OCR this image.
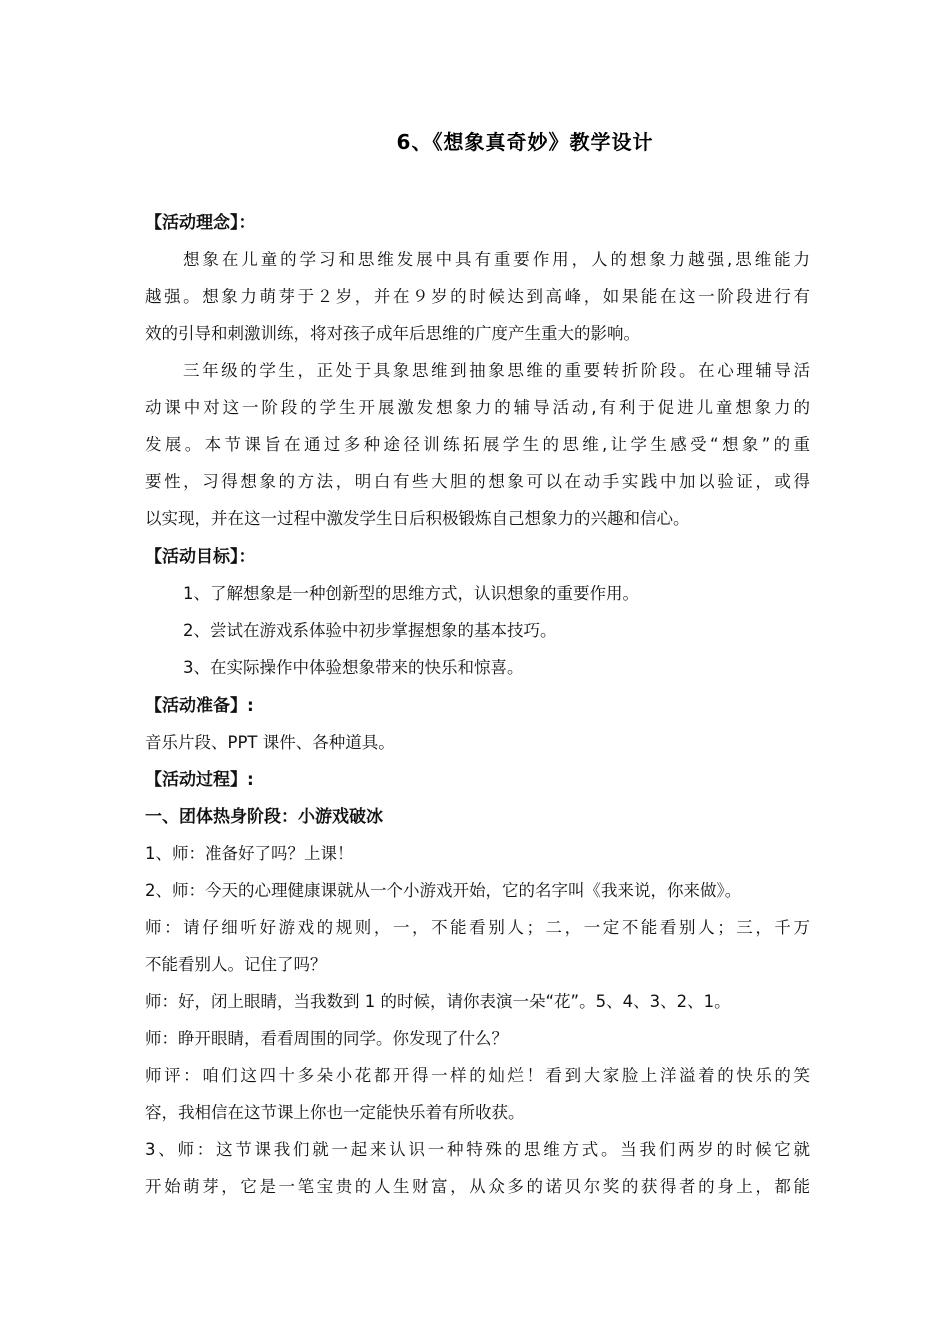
6、《想象真奇妙》教学设计
【活动理念】：
想象在儿童的学习和思维发展中具有重要作用，人的想象力越强,思维能力
越强。想象力萌芽于２岁，并在９岁的时候达到高峰，如果能在这一阶段进行有
效的引导和刺激训练，将对孩子成年后思维的广度产生重大的影响。
三年级的学生，正处于具象思维到抽象思维的重要转折阶段。在心理辅导活
动课中对这一阶段的学生开展激发想象力的辅导活动,有利于促进儿童想象力的
发展。本节课旨在通过多种途径训练拓展学生的思维,让学生感受“想象”的重
要性，习得想象的方法，明白有些大胆的想象可以在动手实践中加以验证，或得
以实现，并在这一过程中激发学生日后积极锻炼自己想象力的兴趣和信心。
【活动目标】：
1、了解想象是一种创新型的思维方式，认识想象的重要作用。
2、尝试在游戏系体验中初步掌握想象的基本技巧。
3、在实际操作中体验想象带来的快乐和惊喜。
【活动准备】:
音乐片段、PPT 课件、各种道具。
【活动过程】:
一、团体热身阶段：小游戏破冰
1、师：准备好了吗？上课！
2、师：今天的心理健康课就从一个小游戏开始，它的名字叫《我来说，你来做》。
师：请仔细听好游戏的规则，一，不能看别人；二，一定不能看别人；三，千万
不能看别人。记住了吗？
师：好，闭上眼睛，当我数到 1 的时候，请你表演一朵“花”。5、4、3、2、1。
师：睁开眼睛，看看周围的同学。你发现了什么？
师评：咱们这四十多朵小花都开得一样的灿烂！看到大家脸上洋溢着的快乐的笑
容，我相信在这节课上你也一定能快乐着有所收获。
3、师：这节课我们就一起来认识一种特殊的思维方式。当我们两岁的时候它就
开始萌芽，它是一笔宝贵的人生财富，从众多的诺贝尔奖的获得者的身上，都能
